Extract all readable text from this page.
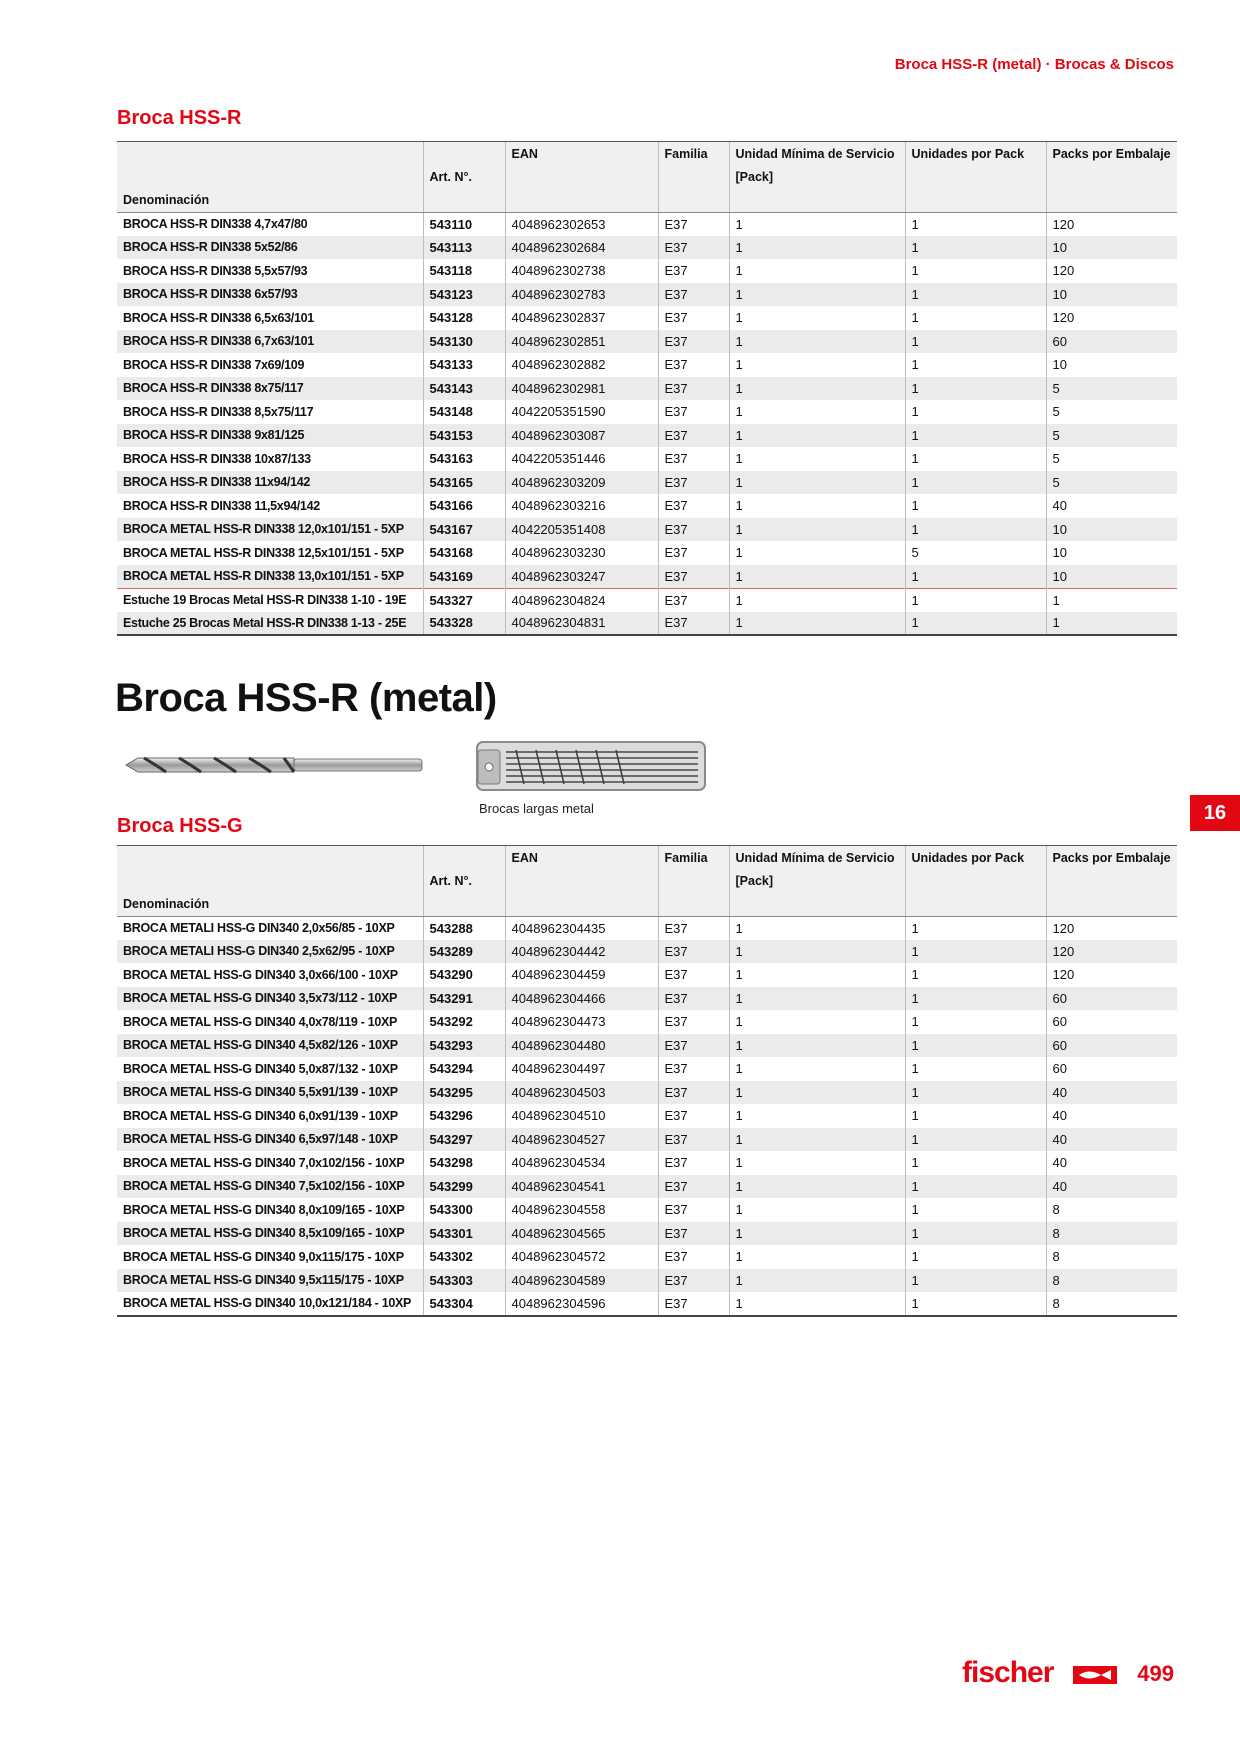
Broca HSS-R (metal) · Brocas & Discos
Broca HSS-R
		EAN	Familia	Unidad Mínima de Servicio	Unidades por Pack	Packs por Embalaje
	Art. N°.			[Pack]		
Denominación						
BROCA HSS-R DIN338 4,7x47/80	543110	4048962302653	E37	1	1	120
BROCA HSS-R DIN338 5x52/86	543113	4048962302684	E37	1	1	10
BROCA HSS-R DIN338 5,5x57/93	543118	4048962302738	E37	1	1	120
BROCA HSS-R DIN338 6x57/93	543123	4048962302783	E37	1	1	10
BROCA HSS-R DIN338 6,5x63/101	543128	4048962302837	E37	1	1	120
BROCA HSS-R DIN338 6,7x63/101	543130	4048962302851	E37	1	1	60
BROCA HSS-R DIN338 7x69/109	543133	4048962302882	E37	1	1	10
BROCA HSS-R DIN338 8x75/117	543143	4048962302981	E37	1	1	5
BROCA HSS-R DIN338 8,5x75/117	543148	4042205351590	E37	1	1	5
BROCA HSS-R DIN338 9x81/125	543153	4048962303087	E37	1	1	5
BROCA HSS-R DIN338 10x87/133	543163	4042205351446	E37	1	1	5
BROCA HSS-R DIN338 11x94/142	543165	4048962303209	E37	1	1	5
BROCA HSS-R DIN338 11,5x94/142	543166	4048962303216	E37	1	1	40
BROCA METAL HSS-R DIN338 12,0x101/151 - 5XP	543167	4042205351408	E37	1	1	10
BROCA METAL HSS-R DIN338 12,5x101/151 - 5XP	543168	4048962303230	E37	1	5	10
BROCA METAL HSS-R DIN338 13,0x101/151 - 5XP	543169	4048962303247	E37	1	1	10
Estuche 19 Brocas Metal HSS-R DIN338 1-10 - 19E	543327	4048962304824	E37	1	1	1
Estuche 25 Brocas Metal HSS-R DIN338 1-13 - 25E	543328	4048962304831	E37	1	1	1
Broca HSS-R (metal)
Brocas largas metal	16
Broca HSS-G
		EAN	Familia	Unidad Mínima de Servicio	Unidades por Pack	Packs por Embalaje
	Art. N°.			[Pack]		
Denominación						
BROCA METALI HSS-G DIN340 2,0x56/85 - 10XP	543288	4048962304435	E37	1	1	120
BROCA METALI HSS-G DIN340 2,5x62/95 - 10XP	543289	4048962304442	E37	1	1	120
BROCA METAL HSS-G DIN340 3,0x66/100 - 10XP	543290	4048962304459	E37	1	1	120
BROCA METAL HSS-G DIN340 3,5x73/112 - 10XP	543291	4048962304466	E37	1	1	60
BROCA METAL HSS-G DIN340 4,0x78/119 - 10XP	543292	4048962304473	E37	1	1	60
BROCA METAL HSS-G DIN340 4,5x82/126 - 10XP	543293	4048962304480	E37	1	1	60
BROCA METAL HSS-G DIN340 5,0x87/132 - 10XP	543294	4048962304497	E37	1	1	60
BROCA METAL HSS-G DIN340 5,5x91/139 - 10XP	543295	4048962304503	E37	1	1	40
BROCA METAL HSS-G DIN340 6,0x91/139 - 10XP	543296	4048962304510	E37	1	1	40
BROCA METAL HSS-G DIN340 6,5x97/148 - 10XP	543297	4048962304527	E37	1	1	40
BROCA METAL HSS-G DIN340 7,0x102/156 - 10XP	543298	4048962304534	E37	1	1	40
BROCA METAL HSS-G DIN340 7,5x102/156 - 10XP	543299	4048962304541	E37	1	1	40
BROCA METAL HSS-G DIN340 8,0x109/165 - 10XP	543300	4048962304558	E37	1	1	8
BROCA METAL HSS-G DIN340 8,5x109/165 - 10XP	543301	4048962304565	E37	1	1	8
BROCA METAL HSS-G DIN340 9,0x115/175 - 10XP	543302	4048962304572	E37	1	1	8
BROCA METAL HSS-G DIN340 9,5x115/175 - 10XP	543303	4048962304589	E37	1	1	8
BROCA METAL HSS-G DIN340 10,0x121/184 - 10XP	543304	4048962304596	E37	1	1	8
fischer	499
